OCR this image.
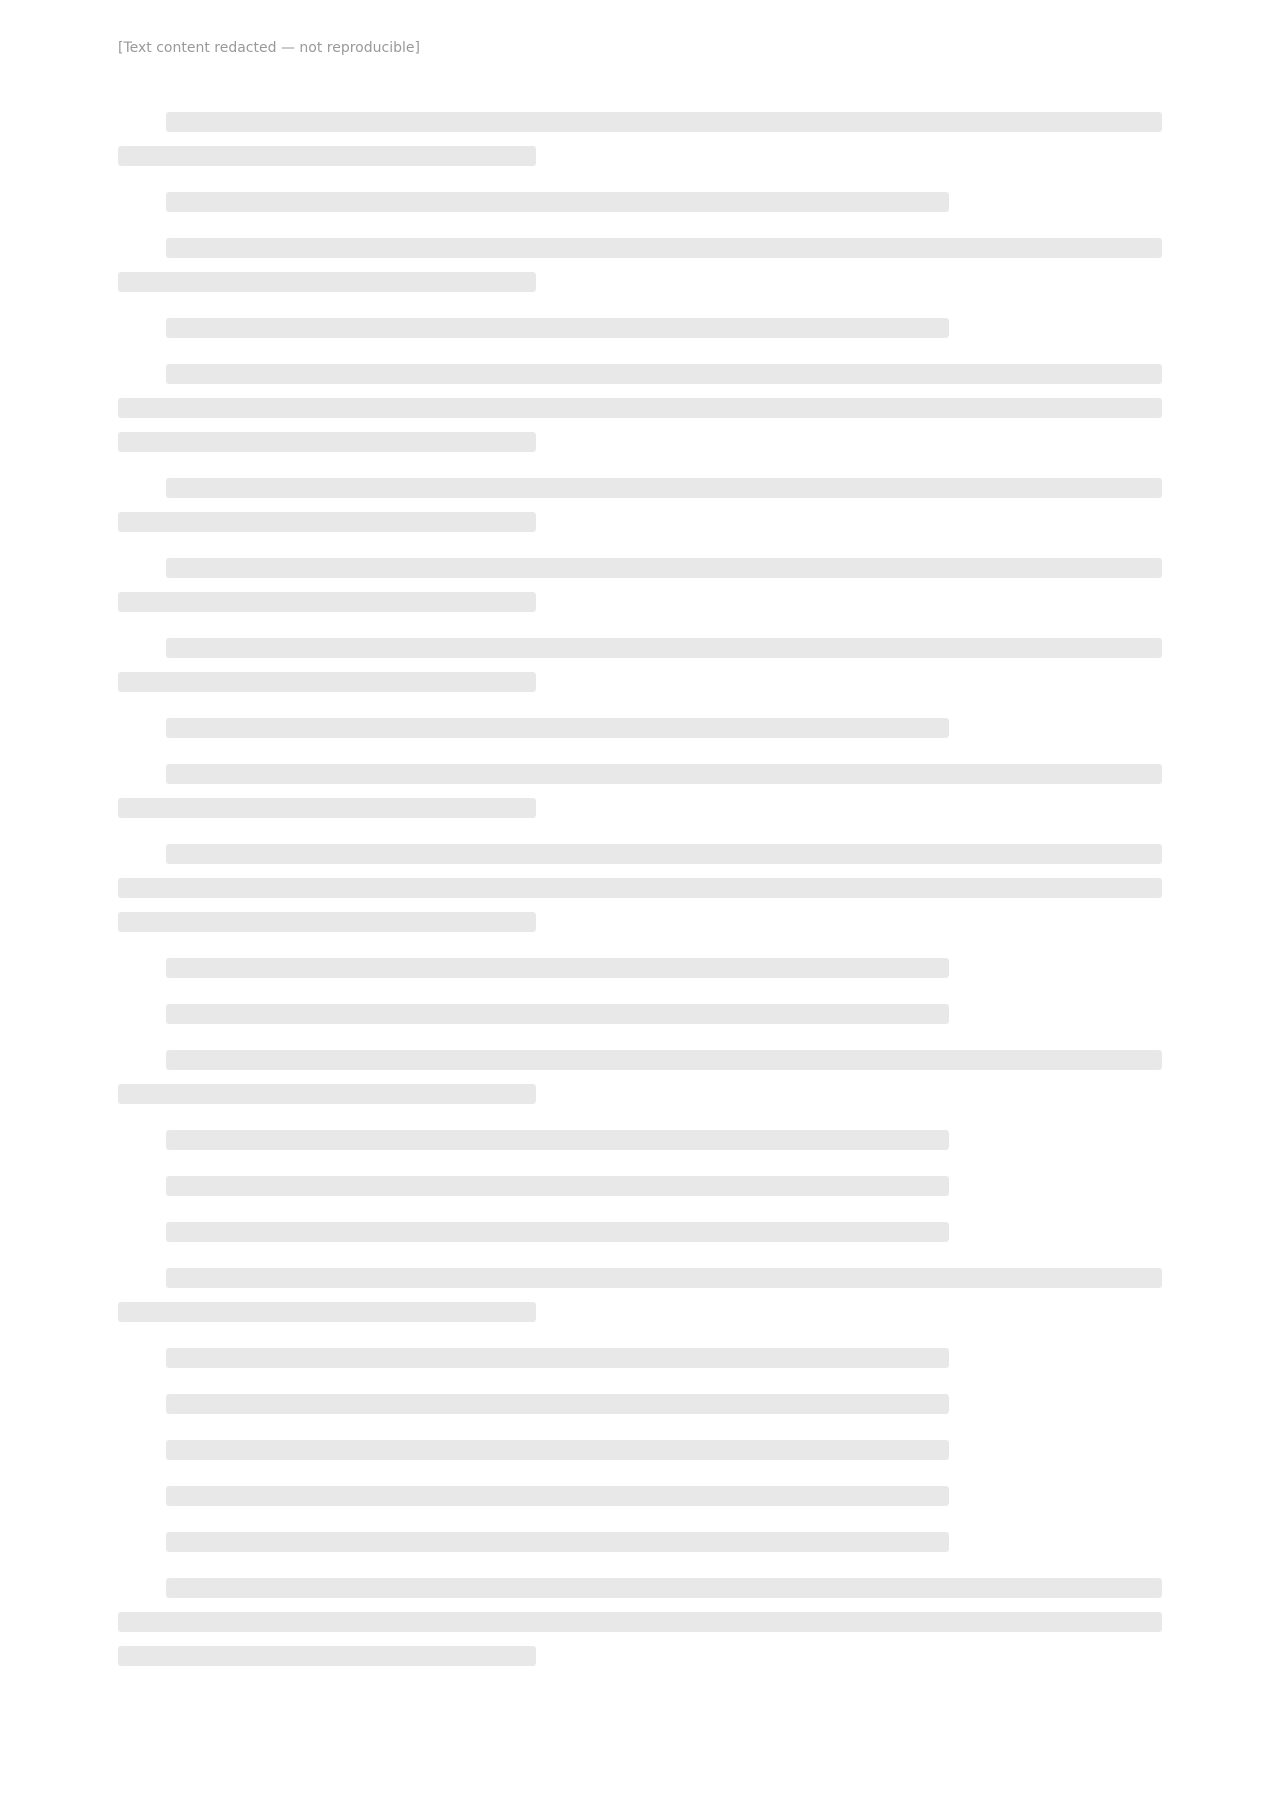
[Text content redacted — not reproducible]
